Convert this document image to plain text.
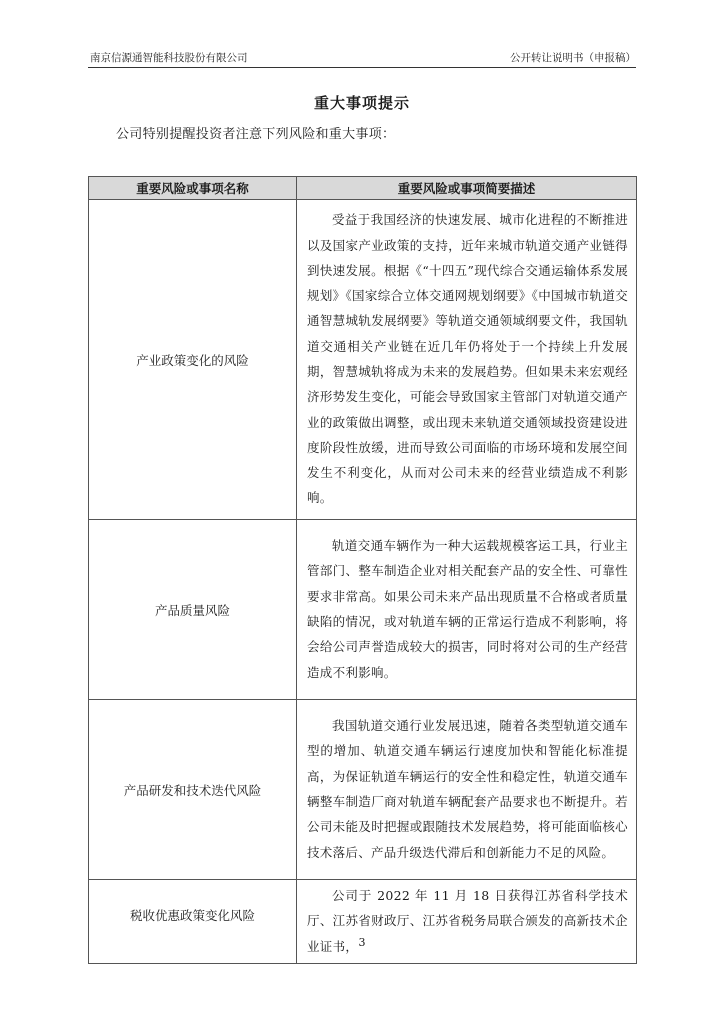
南京信源通智能科技股份有限公司	公开转让说明书（申报稿）
重大事项提示
公司特别提醒投资者注意下列风险和重大事项：
重要风险或事项名称	重要风险或事项简要描述
产业政策变化的风险	受益于我国经济的快速发展、城市化进程的不断推进以及国家产业政策的支持，近年来城市轨道交通产业链得到快速发展。根据《“十四五”现代综合交通运输体系发展规划》《国家综合立体交通网规划纲要》《中国城市轨道交通智慧城轨发展纲要》等轨道交通领域纲要文件，我国轨道交通相关产业链在近几年仍将处于一个持续上升发展期，智慧城轨将成为未来的发展趋势。但如果未来宏观经济形势发生变化，可能会导致国家主管部门对轨道交通产业的政策做出调整，或出现未来轨道交通领域投资建设进度阶段性放缓，进而导致公司面临的市场环境和发展空间发生不利变化，从而对公司未来的经营业绩造成不利影响。

产品质量风险	轨道交通车辆作为一种大运载规模客运工具，行业主管部门、整车制造企业对相关配套产品的安全性、可靠性要求非常高。如果公司未来产品出现质量不合格或者质量缺陷的情况，或对轨道车辆的正常运行造成不利影响，将会给公司声誉造成较大的损害，同时将对公司的生产经营造成不利影响。

产品研发和技术迭代风险	我国轨道交通行业发展迅速，随着各类型轨道交通车型的增加、轨道交通车辆运行速度加快和智能化标准提高，为保证轨道车辆运行的安全性和稳定性，轨道交通车辆整车制造厂商对轨道车辆配套产品要求也不断提升。若公司未能及时把握或跟随技术发展趋势，将可能面临核心技术落后、产品升级迭代滞后和创新能力不足的风险。

税收优惠政策变化风险	公司于 2022 年 11 月 18 日获得江苏省科学技术厅、江苏省财政厅、江苏省税务局联合颁发的高新技术企业证书， 3
